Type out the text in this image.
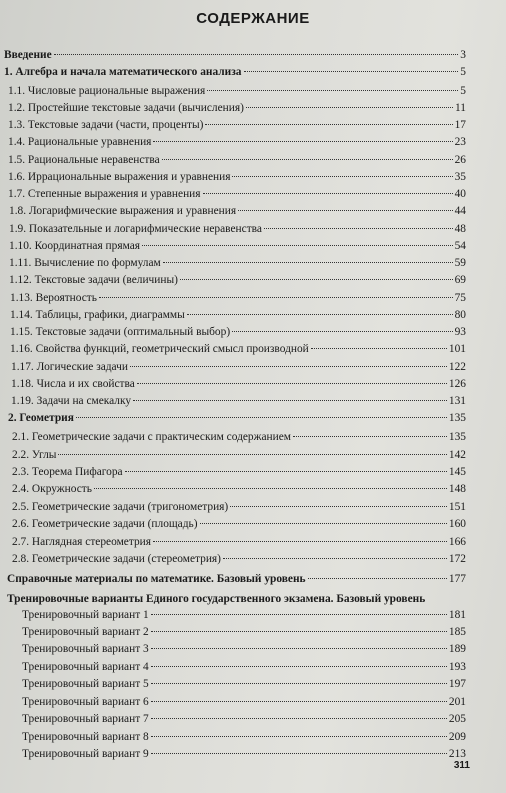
СОДЕРЖАНИЕ
Введение	3
1. Алгебра и начала математического анализа	5
1.1. Числовые рациональные выражения	5
1.2. Простейшие текстовые задачи (вычисления)	11
1.3. Текстовые задачи (части, проценты)	17
1.4. Рациональные уравнения	23
1.5. Рациональные неравенства	26
1.6. Иррациональные выражения и уравнения	35
1.7. Степенные выражения и уравнения	40
1.8. Логарифмические выражения и уравнения	44
1.9. Показательные и логарифмические неравенства	48
1.10. Координатная прямая	54
1.11. Вычисление по формулам	59
1.12. Текстовые задачи (величины)	69
1.13. Вероятность	75
1.14. Таблицы, графики, диаграммы	80
1.15. Текстовые задачи (оптимальный выбор)	93
1.16. Свойства функций, геометрический смысл производной	101
1.17. Логические задачи	122
1.18. Числа и их свойства	126
1.19. Задачи на смекалку	131
2. Геометрия	135
2.1. Геометрические задачи с практическим содержанием	135
2.2. Углы	142
2.3. Теорема Пифагора	145
2.4. Окружность	148
2.5. Геометрические задачи (тригонометрия)	151
2.6. Геометрические задачи (площадь)	160
2.7. Наглядная стереометрия	166
2.8. Геометрические задачи (стереометрия)	172
Справочные материалы по математике. Базовый уровень	177
Тренировочные варианты Единого государственного экзамена. Базовый уровень
Тренировочный вариант 1	181
Тренировочный вариант 2	185
Тренировочный вариант 3	189
Тренировочный вариант 4	193
Тренировочный вариант 5	197
Тренировочный вариант 6	201
Тренировочный вариант 7	205
Тренировочный вариант 8	209
Тренировочный вариант 9	213
311
